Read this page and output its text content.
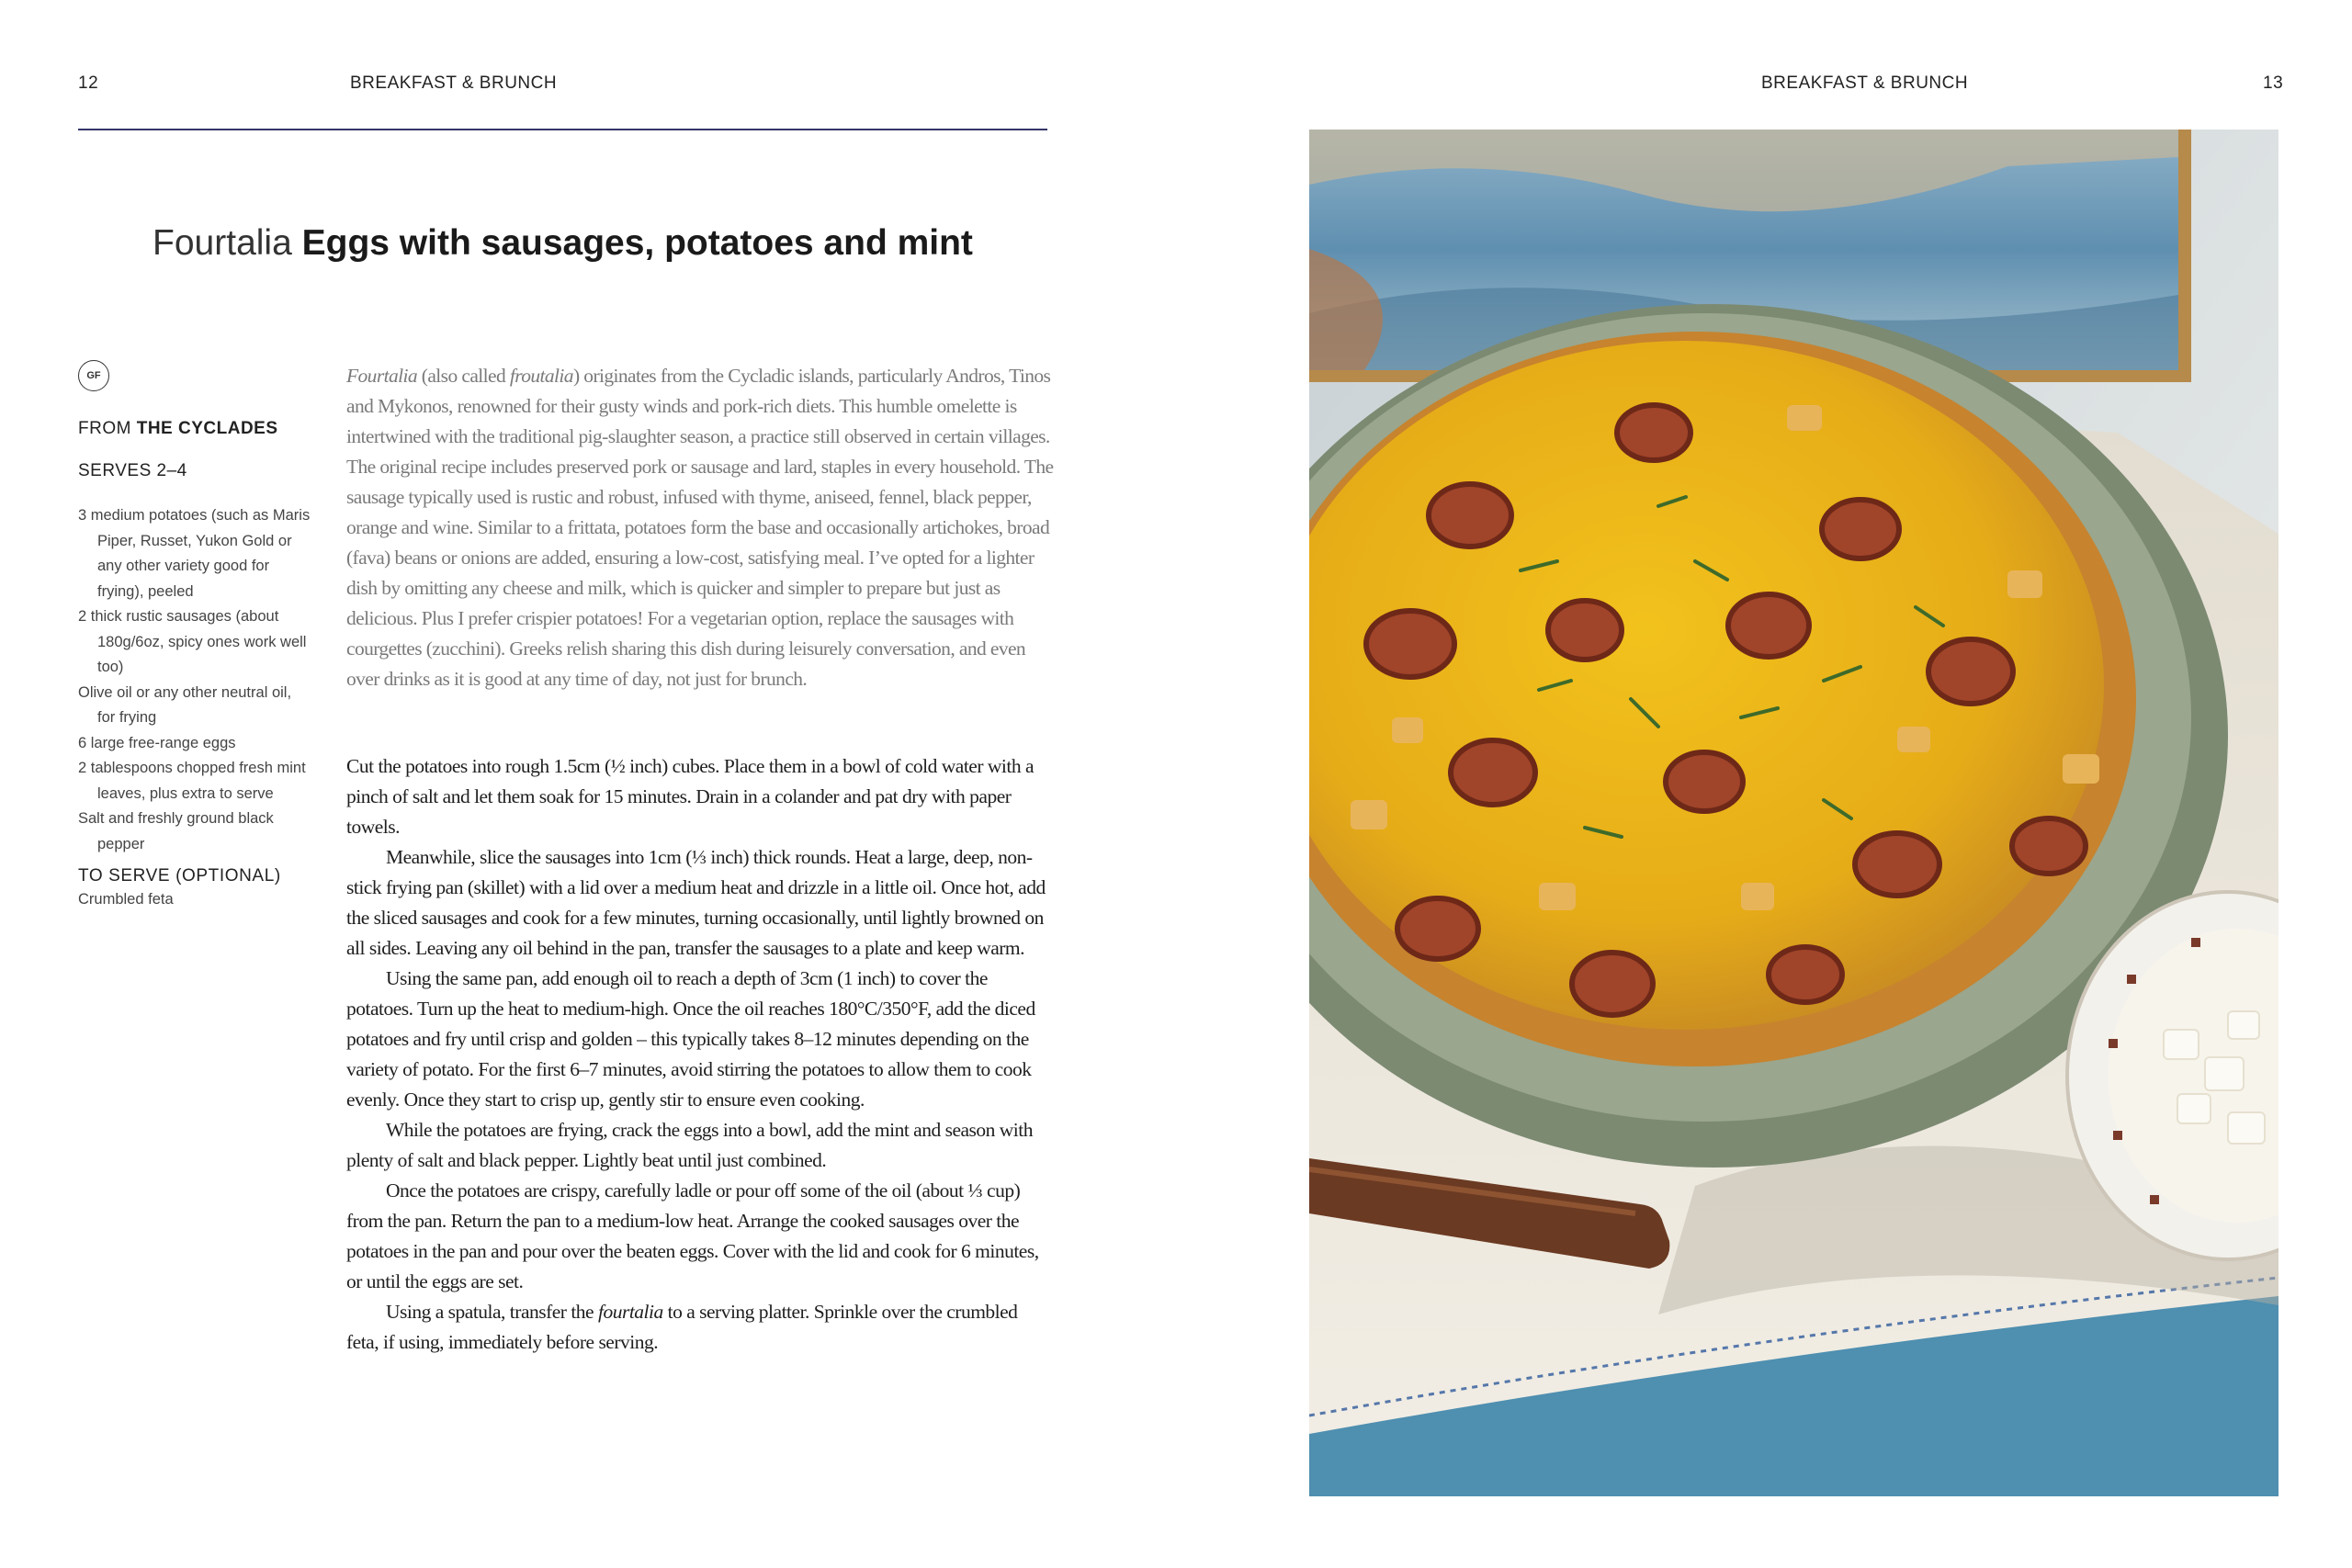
12	BREAKFAST & BRUNCH	BREAKFAST & BRUNCH	13
Fourtalia Eggs with sausages, potatoes and mint
GF
FROM THE CYCLADES
SERVES 2–4
3 medium potatoes (such as Maris Piper, Russet, Yukon Gold or any other variety good for frying), peeled
2 thick rustic sausages (about 180g/6oz, spicy ones work well too)
Olive oil or any other neutral oil, for frying
6 large free-range eggs
2 tablespoons chopped fresh mint leaves, plus extra to serve
Salt and freshly ground black pepper
TO SERVE (OPTIONAL)
Crumbled feta

Fourtalia (also called froutalia) originates from the Cycladic islands, particularly Andros, Tinos and Mykonos, renowned for their gusty winds and pork-rich diets. This humble omelette is intertwined with the traditional pig-slaughter season, a practice still observed in certain villages. The original recipe includes preserved pork or sausage and lard, staples in every household. The sausage typically used is rustic and robust, infused with thyme, aniseed, fennel, black pepper, orange and wine. Similar to a frittata, potatoes form the base and occasionally artichokes, broad (fava) beans or onions are added, ensuring a low-cost, satisfying meal. I’ve opted for a lighter dish by omitting any cheese and milk, which is quicker and simpler to prepare but just as delicious. Plus I prefer crispier potatoes! For a vegetarian option, replace the sausages with courgettes (zucchini). Greeks relish sharing this dish during leisurely conversation, and even over drinks as it is good at any time of day, not just for brunch.

Cut the potatoes into rough 1.5cm (½ inch) cubes. Place them in a bowl of cold water with a pinch of salt and let them soak for 15 minutes. Drain in a colander and pat dry with paper towels.

Meanwhile, slice the sausages into 1cm (⅓ inch) thick rounds. Heat a large, deep, non-stick frying pan (skillet) with a lid over a medium heat and drizzle in a little oil. Once hot, add the sliced sausages and cook for a few minutes, turning occasionally, until lightly browned on all sides. Leaving any oil behind in the pan, transfer the sausages to a plate and keep warm.

Using the same pan, add enough oil to reach a depth of 3cm (1 inch) to cover the potatoes. Turn up the heat to medium-high. Once the oil reaches 180°C/350°F, add the diced potatoes and fry until crisp and golden – this typically takes 8–12 minutes depending on the variety of potato. For the first 6–7 minutes, avoid stirring the potatoes to allow them to cook evenly. Once they start to crisp up, gently stir to ensure even cooking.

While the potatoes are frying, crack the eggs into a bowl, add the mint and season with plenty of salt and black pepper. Lightly beat until just combined.

Once the potatoes are crispy, carefully ladle or pour off some of the oil (about ⅓ cup) from the pan. Return the pan to a medium-low heat. Arrange the cooked sausages over the potatoes in the pan and pour over the beaten eggs. Cover with the lid and cook for 6 minutes, or until the eggs are set.

Using a spatula, transfer the fourtalia to a serving platter. Sprinkle over the crumbled feta, if using, immediately before serving.
